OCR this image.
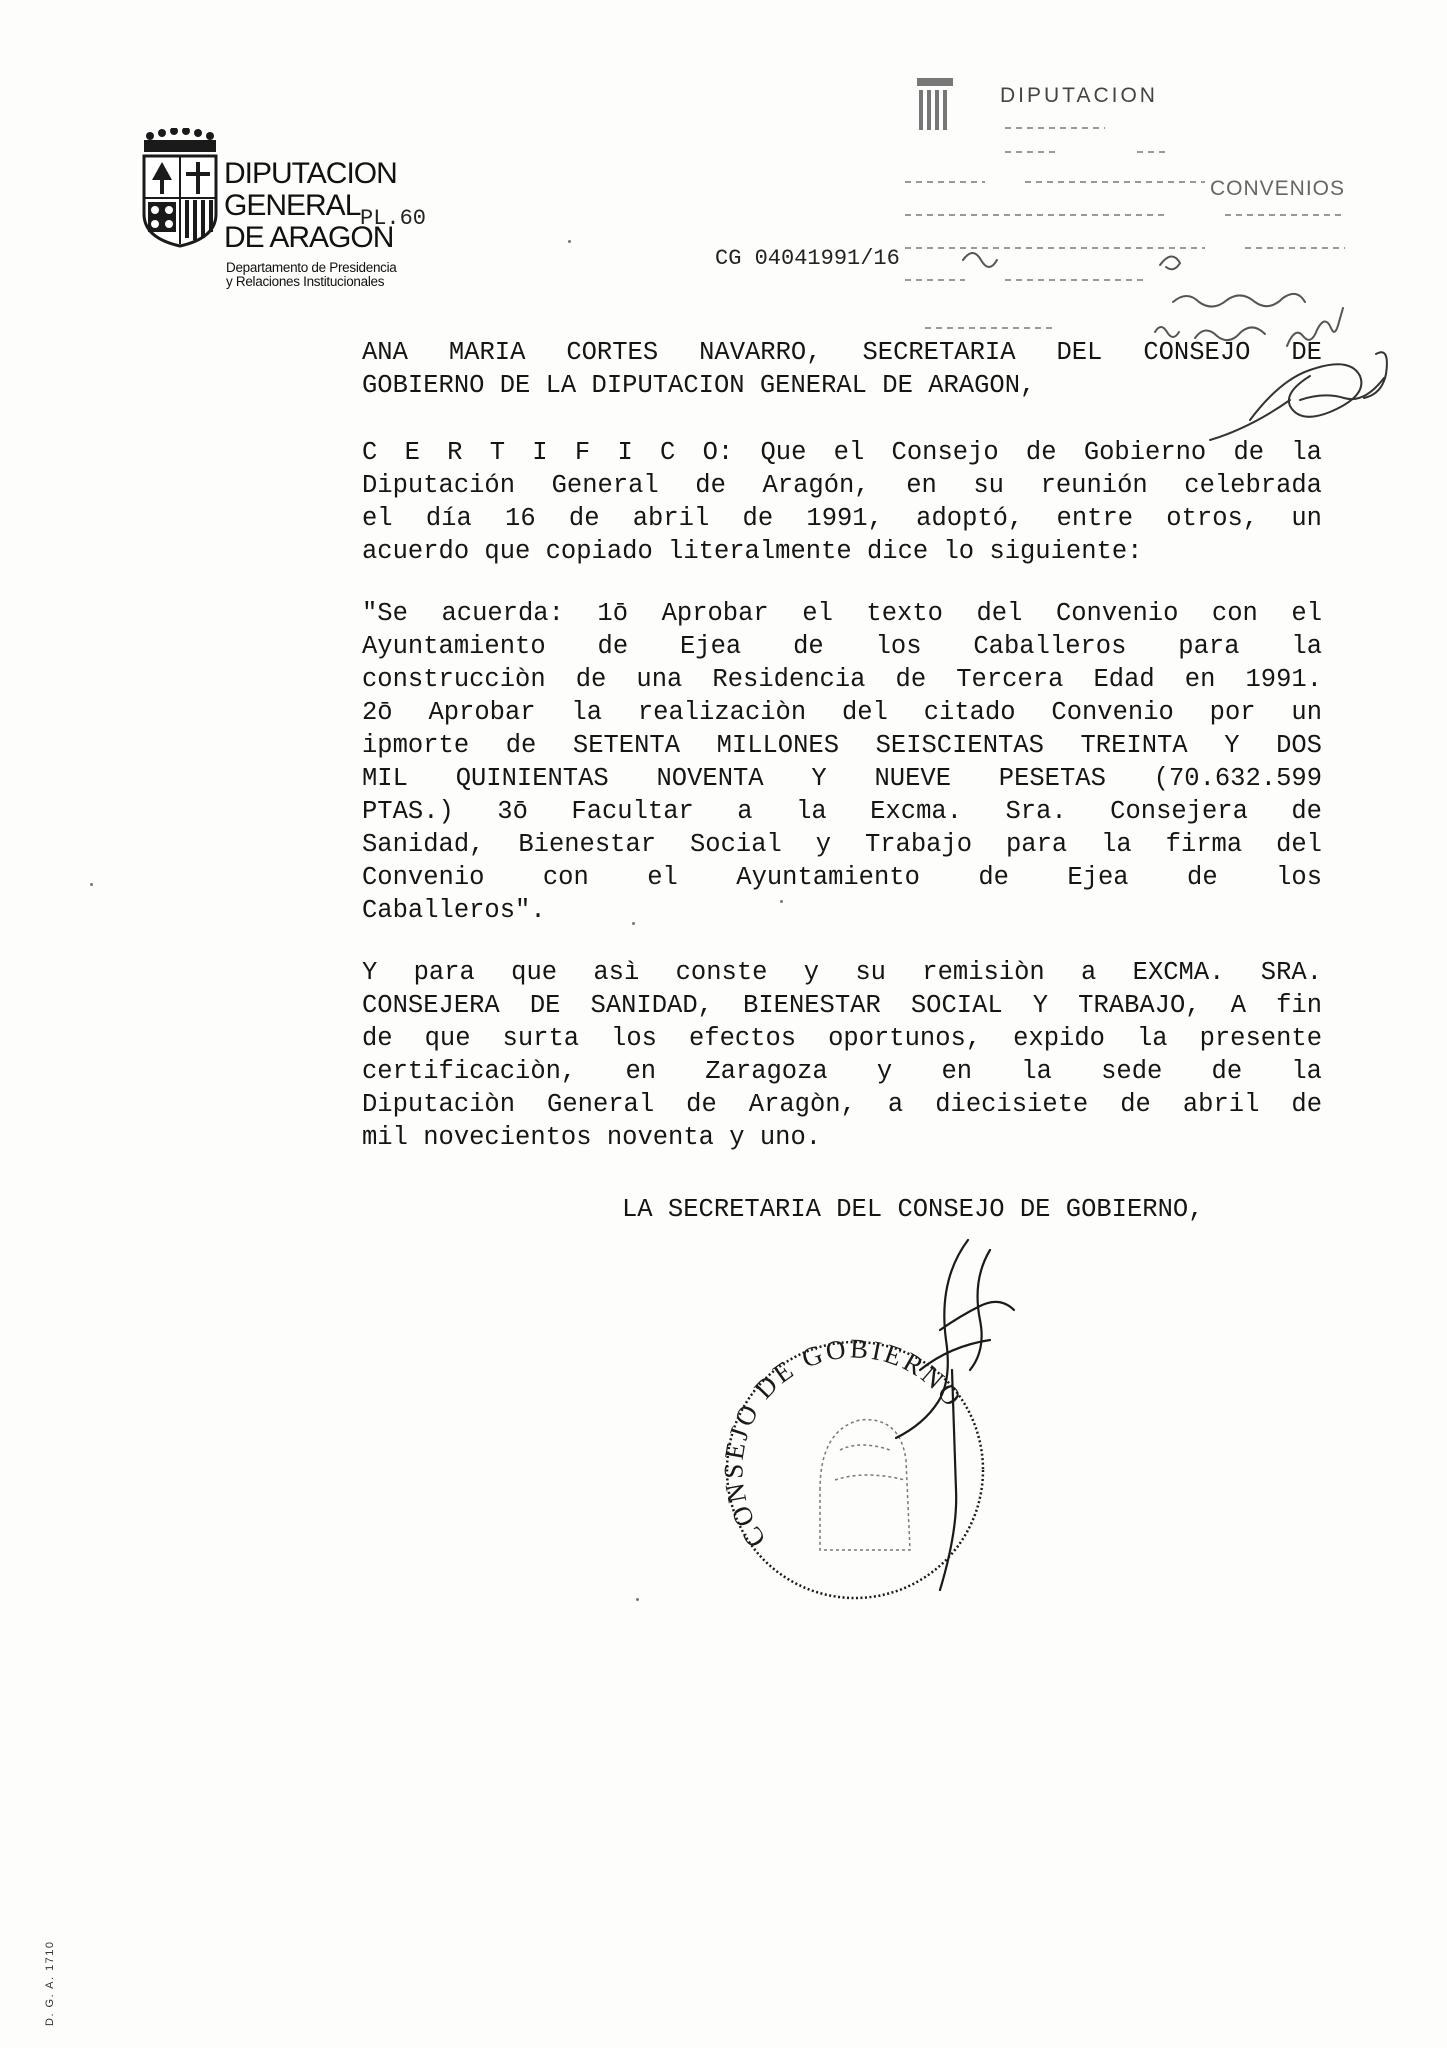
DIPUTACION
GENERAL
DE ARAGON
Departamento de Presidencia
y Relaciones Institucionales
PL.60
CG 04041991/16
DIPUTACION
CONVENIOS
ANA MARIA CORTES NAVARRO, SECRETARIA DEL CONSEJO DE
GOBIERNO DE LA DIPUTACION GENERAL DE ARAGON,
C E R T I F I C O: Que el Consejo de Gobierno de la
Diputación General de Aragón, en su reunión celebrada
el día 16 de abril de 1991, adoptó, entre otros, un
acuerdo que copiado literalmente dice lo siguiente:
"Se acuerda: 1ō Aprobar el texto del Convenio con el
Ayuntamiento de Ejea de los Caballeros para la
construcciòn de una Residencia de Tercera Edad en 1991.
2ō Aprobar la realizaciòn del citado Convenio por un
ipmorte de SETENTA MILLONES SEISCIENTAS TREINTA Y DOS
MIL QUINIENTAS NOVENTA Y NUEVE PESETAS (70.632.599
PTAS.) 3ō Facultar a la Excma. Sra. Consejera de
Sanidad, Bienestar Social y Trabajo para la firma del
Convenio con el Ayuntamiento de Ejea de los
Caballeros".
Y para que asì conste y su remisiòn a EXCMA. SRA.
CONSEJERA DE SANIDAD, BIENESTAR SOCIAL Y TRABAJO, A fin
de que surta los efectos oportunos, expido la presente
certificaciòn, en Zaragoza y en la sede de la
Diputaciòn General de Aragòn, a diecisiete de abril de
mil novecientos noventa y uno.
LA SECRETARIA DEL CONSEJO DE GOBIERNO,
CONSEJO DE GOBIERNO
D. G. A. 1710
